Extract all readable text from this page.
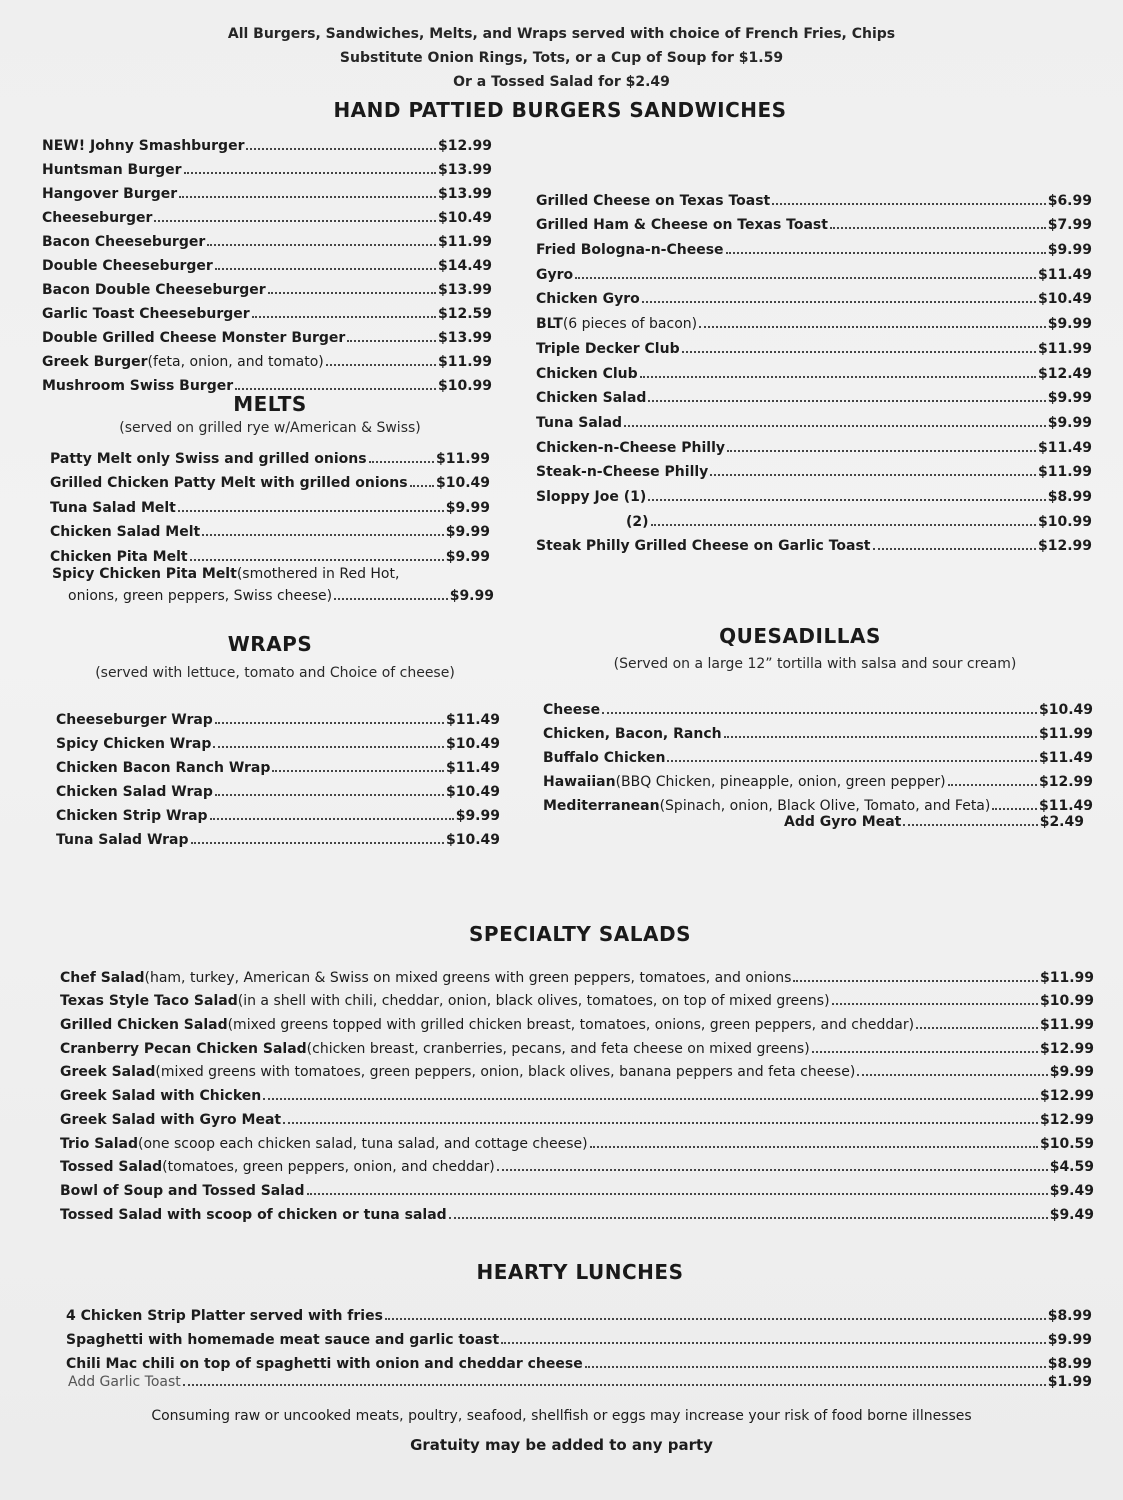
All Burgers, Sandwiches, Melts, and Wraps served with choice of French Fries, Chips
Substitute Onion Rings, Tots, or a Cup of Soup for $1.59
Or a Tossed Salad for $2.49
HAND PATTIED BURGERS SANDWICHES
NEW! Johny Smashburger	$12.99
Huntsman Burger	$13.99
Hangover Burger	$13.99
Cheeseburger	$10.49
Bacon Cheeseburger	$11.99
Double Cheeseburger	$14.49
Bacon Double Cheeseburger	$13.99
Garlic Toast Cheeseburger	$12.59
Double Grilled Cheese Monster Burger	$13.99
Greek Burger (feta, onion, and tomato)	$11.99
Mushroom Swiss Burger	$10.99
Grilled Cheese on Texas Toast	$6.99
Grilled Ham & Cheese on Texas Toast	$7.99
Fried Bologna-n-Cheese	$9.99
Gyro	$11.49
Chicken Gyro	$10.49
BLT (6 pieces of bacon)	$9.99
Triple Decker Club	$11.99
Chicken Club	$12.49
Chicken Salad	$9.99
Tuna Salad	$9.99
Chicken-n-Cheese Philly	$11.49
Steak-n-Cheese Philly	$11.99
Sloppy Joe (1)	$8.99
(2)	$10.99
Steak Philly Grilled Cheese on Garlic Toast	$12.99
MELTS
(served on grilled rye w/American & Swiss)
Patty Melt only Swiss and grilled onions	$11.99
Grilled Chicken Patty Melt with grilled onions $10.49
Tuna Salad Melt	$9.99
Chicken Salad Melt	$9.99
Chicken Pita Melt	$9.99
Spicy Chicken Pita Melt (smothered in Red Hot,
onions, green peppers, Swiss cheese)	$9.99
WRAPS
(served with lettuce, tomato and Choice of cheese)
Cheeseburger Wrap	$11.49
Spicy Chicken Wrap	$10.49
Chicken Bacon Ranch Wrap	$11.49
Chicken Salad Wrap	$10.49
Chicken Strip Wrap	$9.99
Tuna Salad Wrap	$10.49
QUESADILLAS
(Served on a large 12” tortilla with salsa and sour cream)
Cheese	$10.49
Chicken, Bacon, Ranch	$11.99
Buffalo Chicken	$11.49
Hawaiian (BBQ Chicken, pineapple, onion, green pepper)	$12.99
Mediterranean (Spinach, onion, Black Olive, Tomato, and Feta)	$11.49
Add Gyro Meat	$2.49
SPECIALTY SALADS
Chef Salad (ham, turkey, American & Swiss on mixed greens with green peppers, tomatoes, and onions	$11.99
Texas Style Taco Salad (in a shell with chili, cheddar, onion, black olives, tomatoes, on top of mixed greens)	$10.99
Grilled Chicken Salad (mixed greens topped with grilled chicken breast, tomatoes, onions, green peppers, and cheddar)	$11.99
Cranberry Pecan Chicken Salad (chicken breast, cranberries, pecans, and feta cheese on mixed greens)	$12.99
Greek Salad (mixed greens with tomatoes, green peppers, onion, black olives, banana peppers and feta cheese)	$9.99
Greek Salad with Chicken	$12.99
Greek Salad with Gyro Meat	$12.99
Trio Salad (one scoop each chicken salad, tuna salad, and cottage cheese)	$10.59
Tossed Salad (tomatoes, green peppers, onion, and cheddar)	$4.59
Bowl of Soup and Tossed Salad	$9.49
Tossed Salad with scoop of chicken or tuna salad	$9.49
HEARTY LUNCHES
4 Chicken Strip Platter served with fries	$8.99
Spaghetti with homemade meat sauce and garlic toast	$9.99
Chili Mac chili on top of spaghetti with onion and cheddar cheese	$8.99
Add Garlic Toast	$1.99
Consuming raw or uncooked meats, poultry, seafood, shellfish or eggs may increase your risk of food borne illnesses
Gratuity may be added to any party
